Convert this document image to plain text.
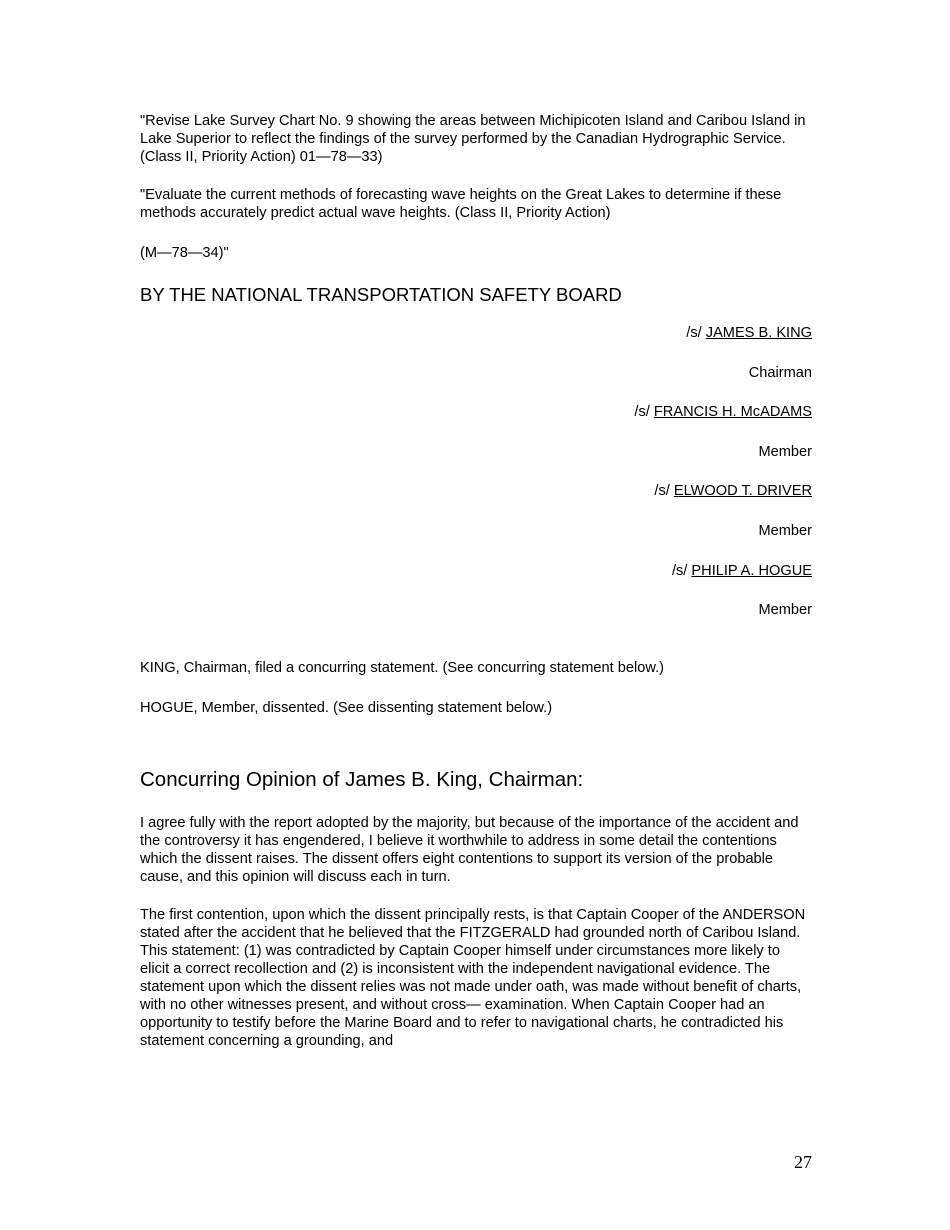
"Revise Lake Survey Chart No. 9 showing the areas between Michipicoten Island and Caribou Island in Lake Superior to reflect the findings of the survey performed by the Canadian Hydrographic Service. (Class II, Priority Action) 01—78—33)

"Evaluate the current methods of forecasting wave heights on the Great Lakes to determine if these methods accurately predict actual wave heights. (Class II, Priority Action)

(M—78—34)"

BY THE NATIONAL TRANSPORTATION SAFETY BOARD
/s/ JAMES B. KING
Chairman
/s/ FRANCIS H. McADAMS
Member
/s/ ELWOOD T. DRIVER
Member
/s/ PHILIP A. HOGUE
Member

KING, Chairman, filed a concurring statement. (See concurring statement below.)

HOGUE, Member, dissented. (See dissenting statement below.)

Concurring Opinion of James B. King, Chairman:

I agree fully with the report adopted by the majority, but because of the importance of the accident and the controversy it has engendered, I believe it worthwhile to address in some detail the contentions which the dissent raises. The dissent offers eight contentions to support its version of the probable cause, and this opinion will discuss each in turn.

The first contention, upon which the dissent principally rests, is that Captain Cooper of the ANDERSON stated after the accident that he believed that the FITZGERALD had grounded north of Caribou Island. This statement: (1) was contradicted by Captain Cooper himself under circumstances more likely to elicit a correct recollection and (2) is inconsistent with the independent navigational evidence. The statement upon which the dissent relies was not made under oath, was made without benefit of charts, with no other witnesses present, and without cross— examination. When Captain Cooper had an opportunity to testify before the Marine Board and to refer to navigational charts, he contradicted his statement concerning a grounding, and

27
